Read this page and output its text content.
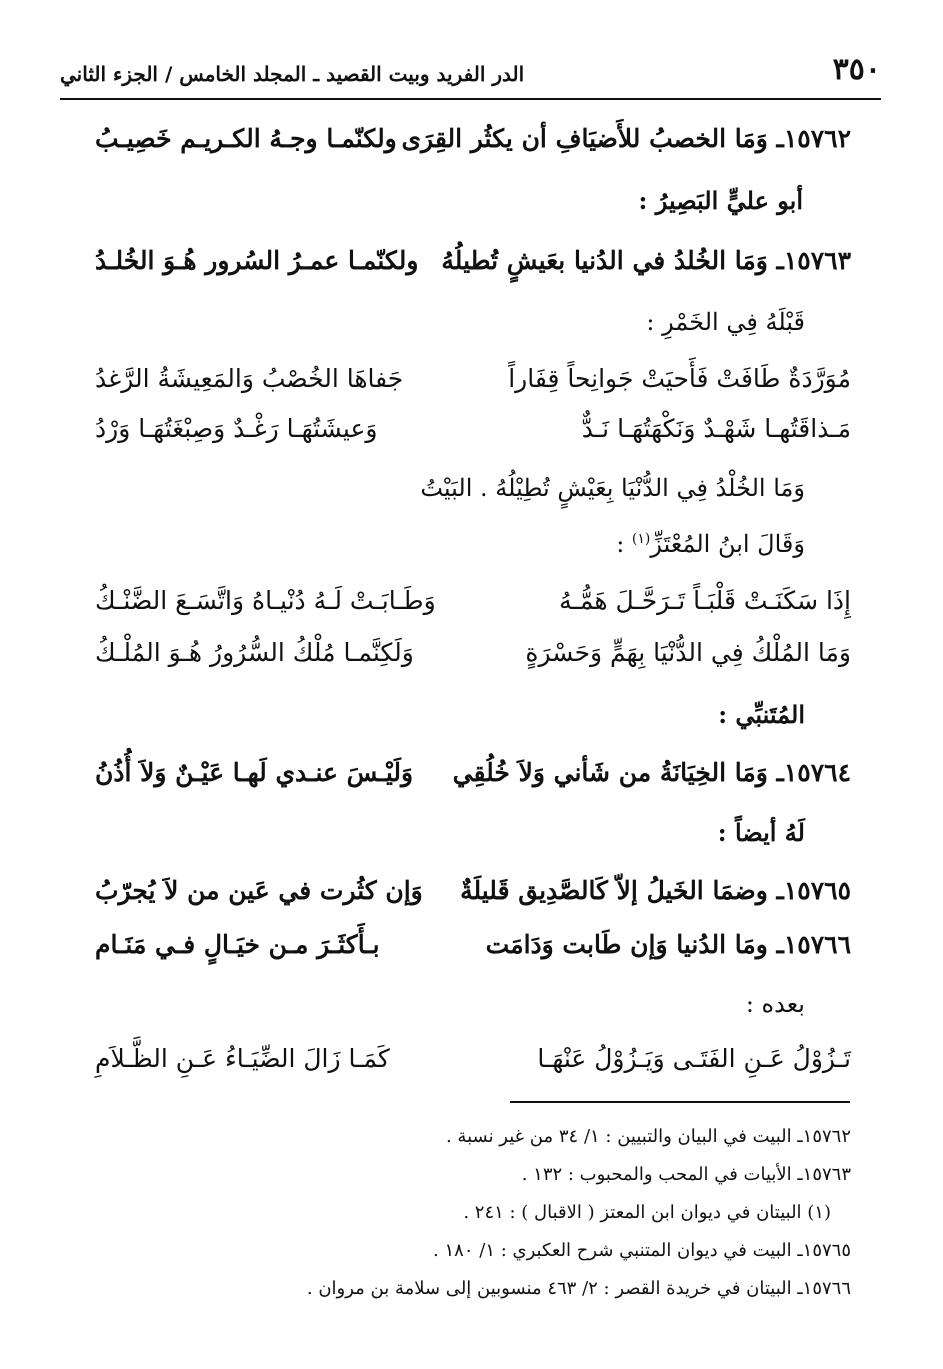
٣٥٠
الدر الفريد وبيت القصيد ـ المجلد الخامس / الجزء الثاني
١٥٧٦٢ـ وَمَا الخصبُ للأَضيَافِ أن يكثُر القِرَى
ولكنّمـا وجـهُ الكـريـم خَصِيـبُ
أبو عليٍّ البَصِيرُ :
١٥٧٦٣ـ وَمَا الخُلدُ في الدُنيا بعَيشٍ تُطيلُهُ
ولكنّمـا عمـرُ السُرور هُـوَ الخُلـدُ
قَبْلَهُ فِي الخَمْرِ :
مُوَرَّدَةٌ طَافَتْ فَأَحيَتْ جَوانِحاً قِفَاراً
جَفاهَا الخُصْبُ وَالمَعِيشَةُ الرَّغدُ
مَـذاقَتُهـا شَهْـدٌ وَنَكْهَتُهَـا نَـدٌّ
وَعيشَتُهَـا رَغْـدٌ وَصِبْغَتُهَـا وَرْدُ
وَمَا الخُلْدُ فِي الدُّنْيَا بِعَيْشٍ تُطِيْلُهُ . البَيْتُ
وَقَالَ ابنُ المُعْتَزِّ$^{(١)}$ :
إِذَا سَكَنَـتْ قَلْبَـاً تَـرَحَّـلَ هَمُّـهُ
وَطَـابَـتْ لَـهُ دُنْيـاهُ وَاتَّسَـعَ الضَّنْـكُ
وَمَا المُلْكُ فِي الدُّنْيَا بِهَمٍّ وَحَسْرَةٍ
وَلَكِنَّمـا مُلْكُ السُّرُورُ هُـوَ المُلْـكُ
المُتَنبِّي :
١٥٧٦٤ـ وَمَا الخِيَانَةُ من شَأني وَلاَ خُلُقِي
وَلَيْـسَ عنـدي لَهـا عَيْـنٌ وَلاَ أُذُنُ
لَهُ أيضاً :
١٥٧٦٥ـ وضمَا الخَيلُ إلاّ كَالصَّدِيق قَليلَةٌ
وَإن كثُرت في عَين من لاَ يُجرّبُ
١٥٧٦٦ـ ومَا الدُنيا وَإن طَابت وَدَامَت
بـأَكثَـرَ مـن خيَـالٍ فـي مَنَـام
بعده :
تَـزُوْلُ عَـنِ الفَتَـى وَيَـزُوْلُ عَنْهَـا
كَمَـا زَالَ الضِّيَـاءُ عَـنِ الظَّـلاَمِ
١٥٧٦٢ـ البيت في البيان والتبيين : ١/ ٣٤ من غير نسبة .
١٥٧٦٣ـ الأبيات في المحب والمحبوب : ١٣٢ .
(١) البيتان في ديوان ابن المعتز ( الاقبال ) : ٢٤١ .
١٥٧٦٥ـ البيت في ديوان المتنبي شرح العكبري : ١/ ١٨٠ .
١٥٧٦٦ـ البيتان في خريدة القصر : ٢/ ٤٦٣ منسوبين إلى سلامة بن مروان .
